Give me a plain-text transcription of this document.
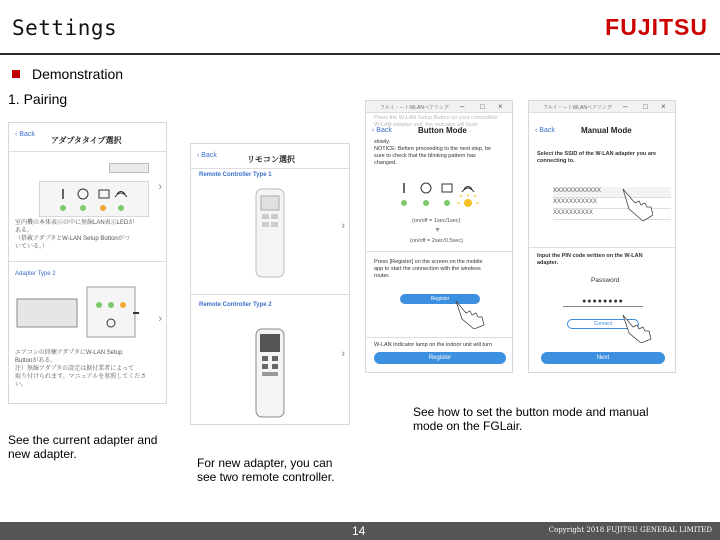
Settings	FUJITSU
Demonstration
1. Pairing
‹ Back
アダプタタイプ選択
›
室内機の本体表示の中に無線LAN表示LEDが
ある。
（搭載アダプタとW-LAN Setup Buttonがつ
いている。）
Adapter Type 2
›
エアコンの同梱アダプタにW-LAN Setup
Buttonがある。
注）無線アダプタの設定は据付業者によって
取り付けられます。マニュアルを参照してくださ
い。
‹ Back	リモコン選択
Remote Controller Type 1
›
Remote Controller Type 2
›
フルイ・ートWLANペアリング – □ ×
‹ Back	Button Mode
Press the W-LAN Setup Button on your compatible
W-LAN adapter unit, the indicator will flash
slowly.
NOTICE: Before proceeding to the next step, be
sure to check that the blinking pattern has
changed.
(on/off = 1sec/1sec)
▼
(on/off = 2sec/0.5sec)
Press [Register] on the screen on the mobile
app to start the connection with the wireless
router.
Register
W-LAN Indicator lamp on the indoor unit will turn
Register
フルイ・ートWLANペアリング – □ ×
‹ Back	Manual Mode
Select the SSID of the W-LAN adapter you are
connecting to.
XXXXXXXXXXXX
XXXXXXXXXXX
XXXXXXXXXX
Input the PIN code written on the W-LAN
adapter.
Password
●●●●●●●●
Connect
Next
See how to set the button mode and manual
mode on the FGLair.
See the current adapter and
new adapter.
For new adapter, you can
see two remote controller.
14	Copyright 2018 FUJITSU GENERAL LIMITED
